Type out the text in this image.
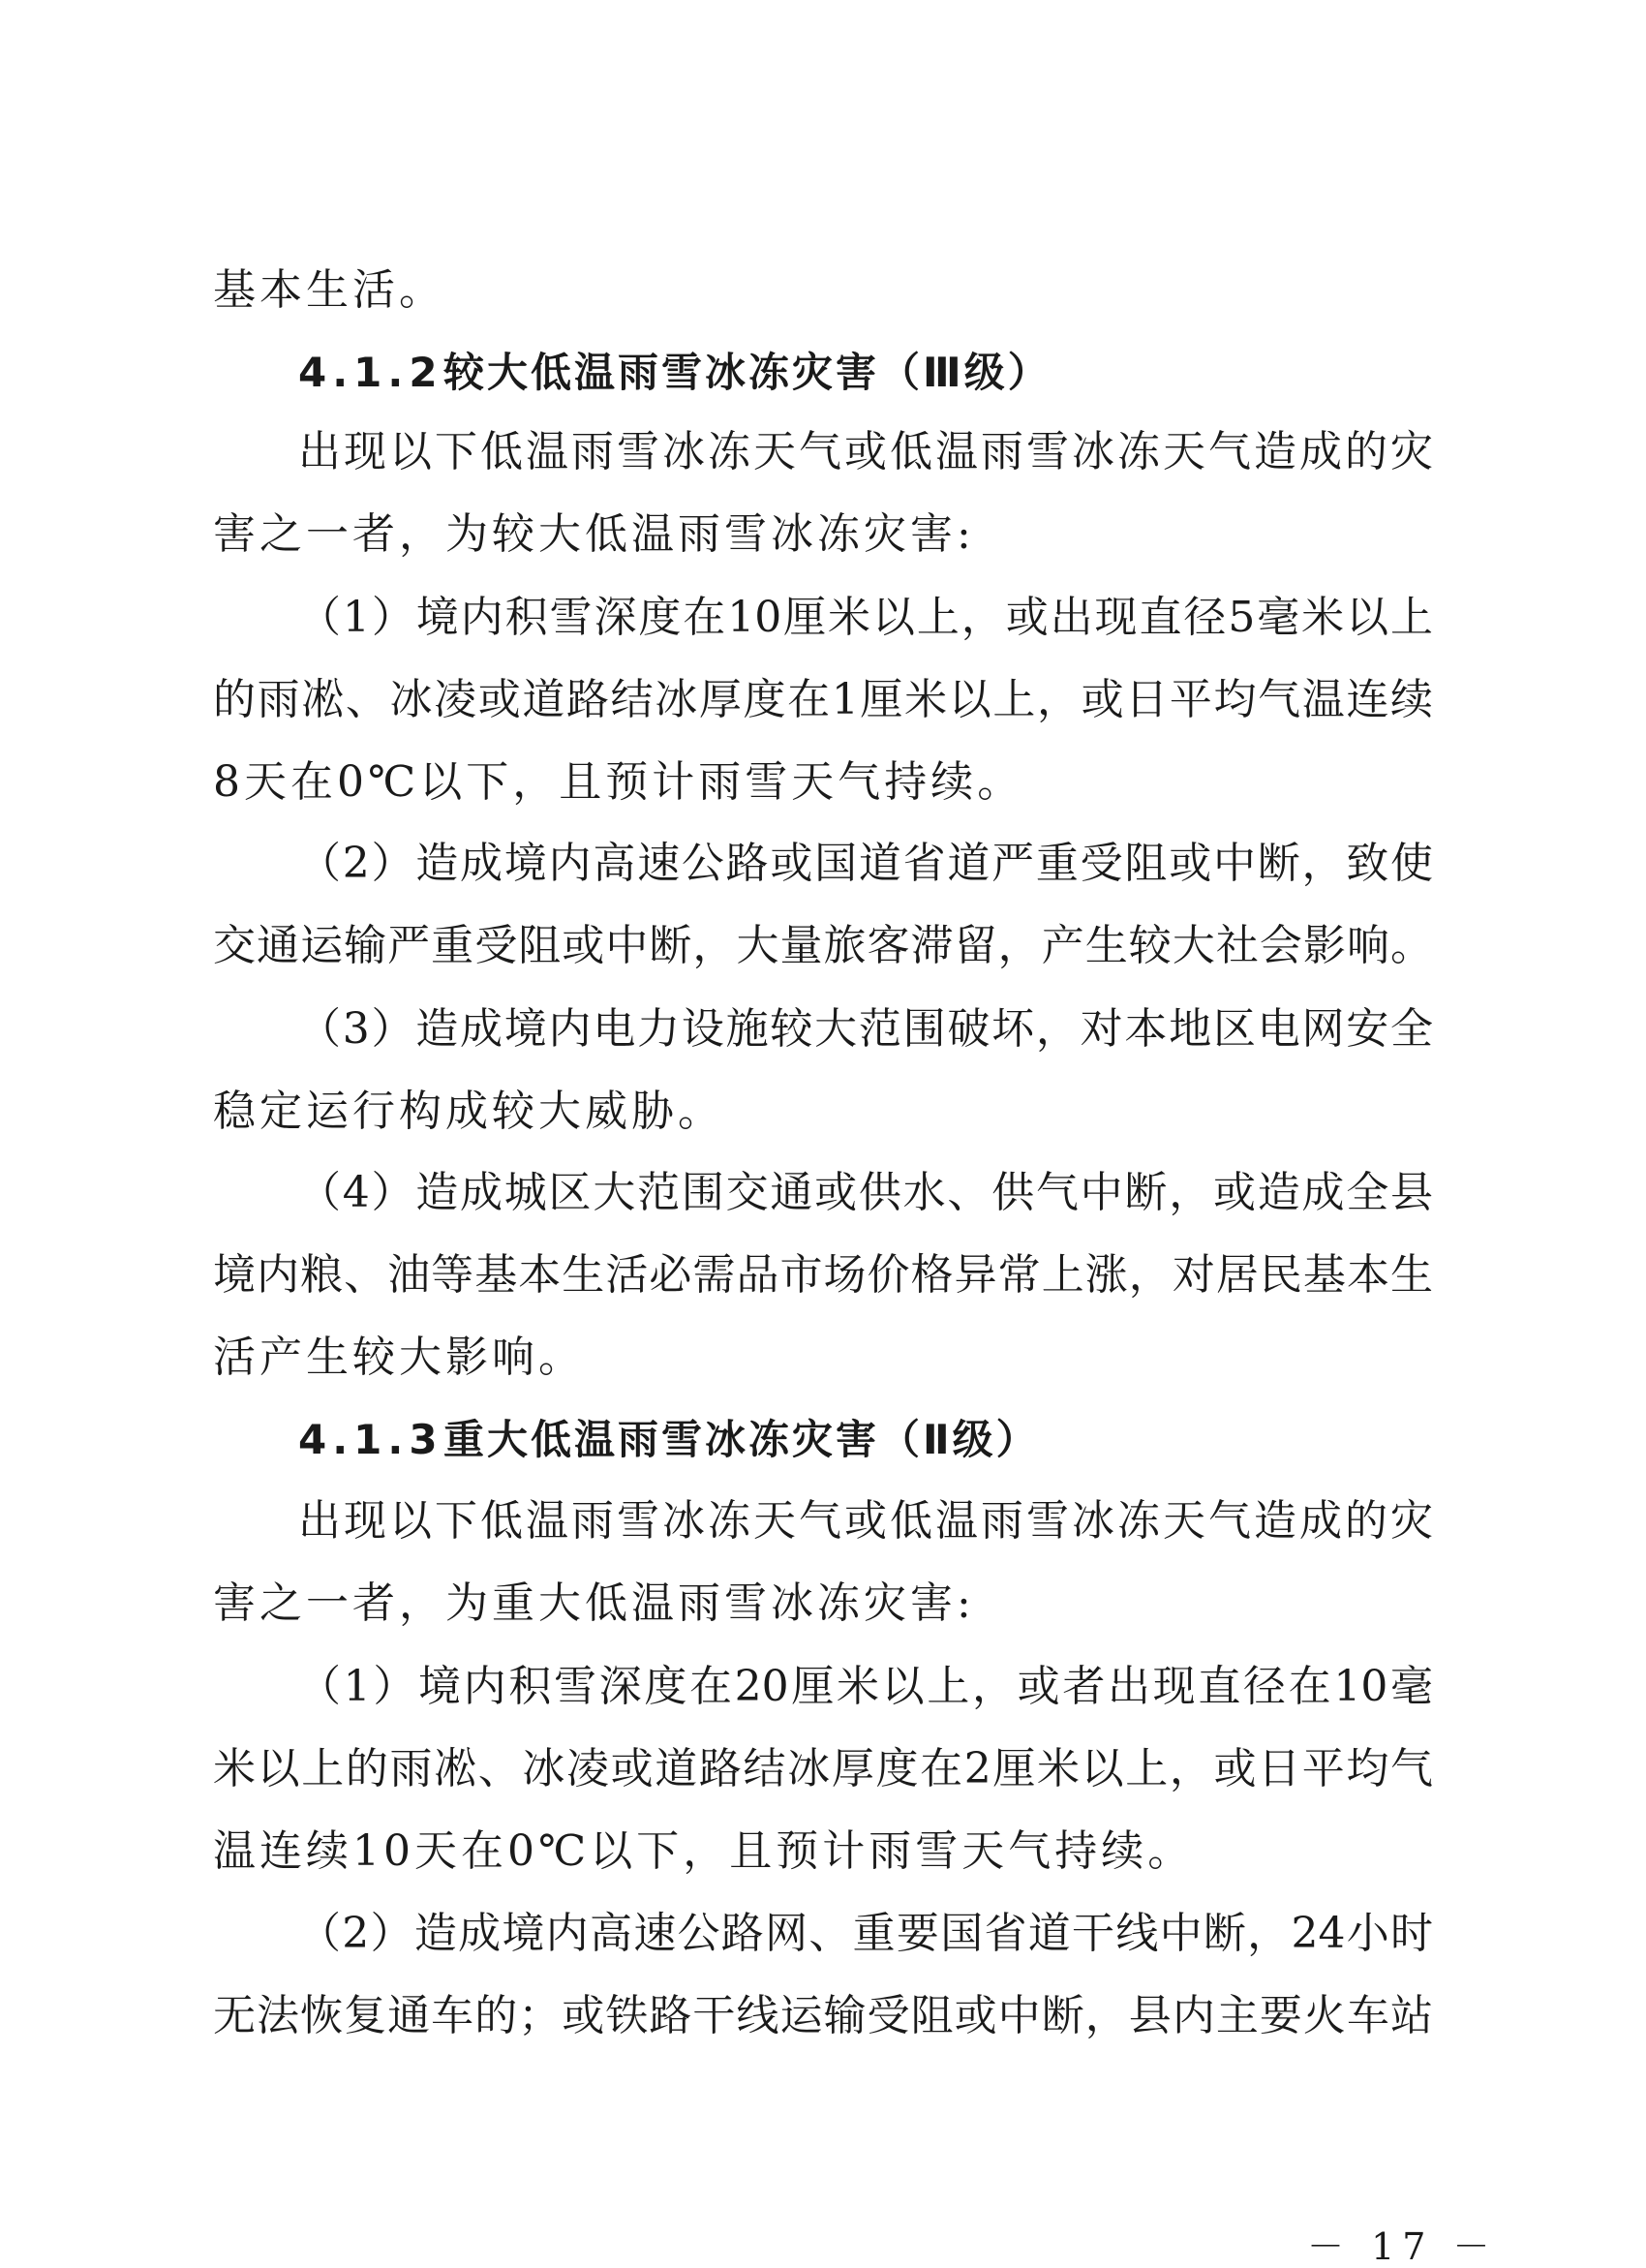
基本生活。
4.1.2较大低温雨雪冰冻灾害（Ⅲ级）
出现以下低温雨雪冰冻天气或低温雨雪冰冻天气造成的灾
害之一者，为较大低温雨雪冰冻灾害:
（1）境内积雪深度在10厘米以上，或出现直径5毫米以上
的雨凇、冰凌或道路结冰厚度在1厘米以上，或日平均气温连续
8天在0℃以下，且预计雨雪天气持续。
（2）造成境内高速公路或国道省道严重受阻或中断，致使
交通运输严重受阻或中断，大量旅客滞留，产生较大社会影响。
（3）造成境内电力设施较大范围破坏，对本地区电网安全
稳定运行构成较大威胁。
（4）造成城区大范围交通或供水、供气中断，或造成全县
境内粮、油等基本生活必需品市场价格异常上涨，对居民基本生
活产生较大影响。
4.1.3重大低温雨雪冰冻灾害（Ⅱ级）
出现以下低温雨雪冰冻天气或低温雨雪冰冻天气造成的灾
害之一者，为重大低温雨雪冰冻灾害:
（1）境内积雪深度在20厘米以上，或者出现直径在10毫
米以上的雨凇、冰凌或道路结冰厚度在2厘米以上，或日平均气
温连续10天在0℃以下，且预计雨雪天气持续。
（2）造成境内高速公路网、重要国省道干线中断，24小时
无法恢复通车的；或铁路干线运输受阻或中断，县内主要火车站
－ 17 －
